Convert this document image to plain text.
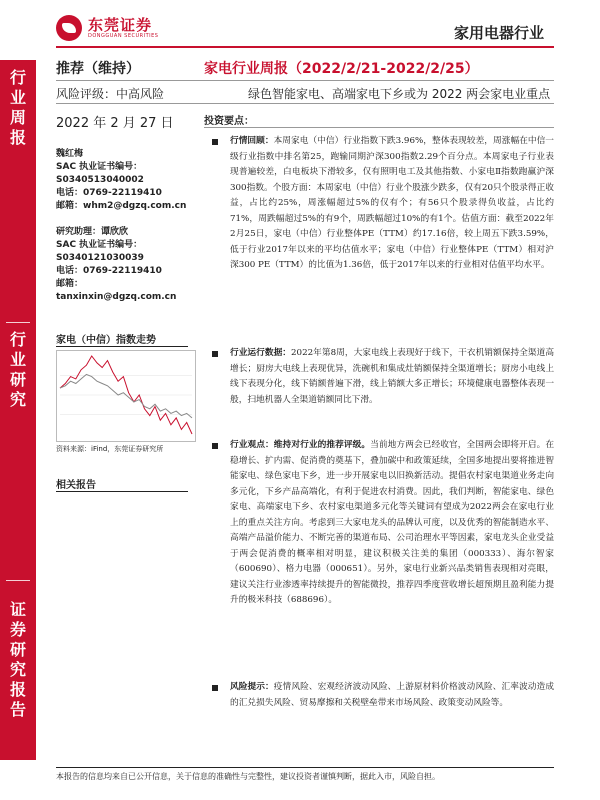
东莞证券
DONGGUAN SECURITIES	家用电器行业
行
业
周
报
行
业
研
究
证
券
研
究
报
告
推荐（维持）	家电行业周报（2022/2/21-2022/2/25）
风险评级：中高风险	绿色智能家电、高端家电下乡或为 2022 两会家电业重点
2022 年 2 月 27 日
魏红梅
SAC 执业证书编号：
S0340513040002
电话：0769-22119410
邮箱：whm2@dgzq.com.cn
研究助理：谭欣欣
SAC 执业证书编号：
S0340121030039
电话：0769-22119410
邮箱：
tanxinxin@dgzq.com.cn
家电（中信）指数走势
资料来源：iFind，东莞证券研究所
相关报告
投资要点：
行情回顾：本周家电（中信）行业指数下跌3.96%，整体表现较差，周涨幅在中信一级行业指数中排名第25，跑输同期沪深300指数2.29个百分点。本周家电子行业表现普遍较差，白电板块下滑较多，仅有照明电工及其他指数、小家电Ⅱ指数跑赢沪深300指数。个股方面：本周家电（中信）行业个股涨少跌多，仅有20只个股录得正收益，占比约25%，周涨幅超过5%的仅有个；有56只个股录得负收益，占比约71%，周跌幅超过5%的有9个，周跌幅超过10%的有1个。估值方面：截至2022年2月25日，家电（中信）行业整体PE（TTM）约17.16倍，较上周五下跌3.59%，低于行业2017年以来的平均估值水平；家电（中信）行业整体PE（TTM）相对沪深300 PE（TTM）的比值为1.36倍，低于2017年以来的行业相对估值平均水平。
行业运行数据：2022年第8周，大家电线上表现好于线下，干衣机销额保持全渠道高增长；厨房大电线上表现优异，洗碗机和集成灶销额保持全渠道增长；厨房小电线上线下表现分化，线下销额普遍下滑，线上销额大多正增长；环境健康电器整体表现一般，扫地机器人全渠道销额同比下滑。
行业观点：维持对行业的推荐评级。当前地方两会已经收官，全国两会即将开启。在稳增长、扩内需、促消费的奠基下，叠加碳中和政策延续，全国多地提出要将推进智能家电、绿色家电下乡，进一步开展家电以旧换新活动。提倡农村家电渠道业务走向多元化，下乡产品高端化，有利于促进农村消费。因此，我们判断，智能家电、绿色家电、高端家电下乡、农村家电渠道多元化等关键词有望成为2022两会在家电行业上的重点关注方向。考虑到三大家电龙头的品牌认可度，以及优秀的智能制造水平、高端产品溢价能力、不断完善的渠道布局、公司治理水平等因素，家电龙头企业受益于两会促消费的概率相对明显，建议积极关注美的集团（000333）、海尔智家（600690）、格力电器（000651）。另外，家电行业新兴品类销售表现相对亮眼，建议关注行业渗透率持续提升的智能微投，推荐四季度营收增长超预期且盈利能力提升的极米科技（688696）。
风险提示：疫情风险、宏观经济波动风险、上游原材料价格波动风险、汇率波动造成的汇兑损失风险、贸易摩擦和关税壁垒带来市场风险、政策变动风险等。
本报告的信息均来自已公开信息，关于信息的准确性与完整性，建议投资者谨慎判断，据此入市，风险自担。
